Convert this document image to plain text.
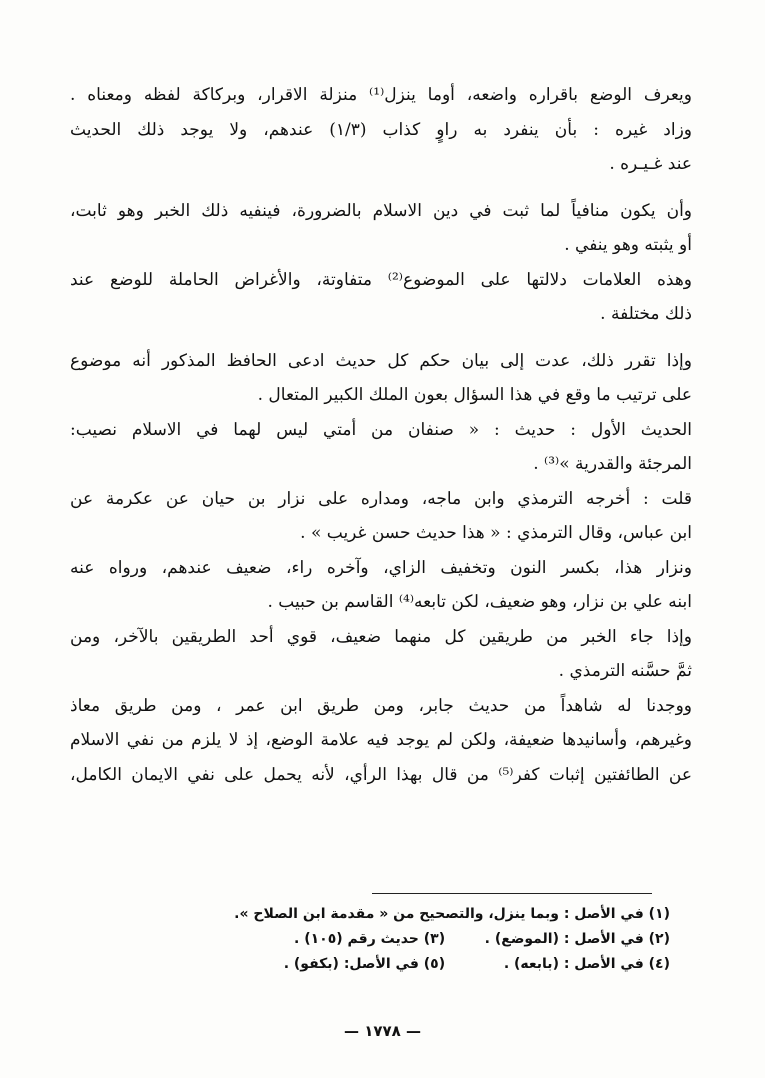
ويعرف الوضع باقراره واضعه، أوما ينزل⁽¹⁾ منزلة الاقرار، وبركاكة لفظه ومعناه .
وزاد غيره : بأن ينفرد به راوٍ كذاب (١/٣) عندهم، ولا يوجد ذلك الحديث
عند غـيـره .
وأن يكون منافياً لما ثبت في دين الاسلام بالضرورة، فينفيه ذلك الخبر وهو ثابت،
أو يثبته وهو ينفي .
وهذه العلامات دلالتها على الموضوع⁽²⁾ متفاوتة، والأغراض الحاملة للوضع عند
ذلك مختلفة .
وإذا تقرر ذلك، عدت إلى بيان حكم كل حديث ادعى الحافظ المذكور أنه موضوع
على ترتيب ما وقع في هذا السؤال بعون الملك الكبير المتعال .
الحديث الأول : حديث : « صنفان من أمتي ليس لهما في الاسلام نصيب:
المرجئة والقدرية »⁽³⁾ .
قلت : أخرجه الترمذي وابن ماجه، ومداره على نزار بن حيان عن عكرمة عن
ابن عباس، وقال الترمذي : « هذا حديث حسن غريب » .
ونزار هذا، بكسر النون وتخفيف الزاي، وآخره راء، ضعيف عندهم، ورواه عنه
ابنه علي بن نزار، وهو ضعيف، لكن تابعه⁽⁴⁾ القاسم بن حبيب .
وإذا جاء الخبر من طريقين كل منهما ضعيف، قوي أحد الطريقين بالآخر، ومن
ثمَّ حسَّنه الترمذي .
ووجدنا له شاهداً من حديث جابر، ومن طريق ابن عمر ، ومن طريق معاذ
وغيرهم، وأسانيدها ضعيفة، ولكن لم يوجد فيه علامة الوضع، إذ لا يلزم من نفي الاسلام
عن الطائفتين إثبات كفر⁽⁵⁾ من قال بهذا الرأي، لأنه يحمل على نفي الايمان الكامل،
(١) في الأصل : وبما ينزل، والتصحيح من « مقدمة ابن الصلاح ».
(٢) في الأصل : (الموضع) . (٣) حديث رقم (١٠٥) .
(٤) في الأصل : (بابعه) . (٥) في الأصل: (بكفو) .
— ١٧٧٨ —
